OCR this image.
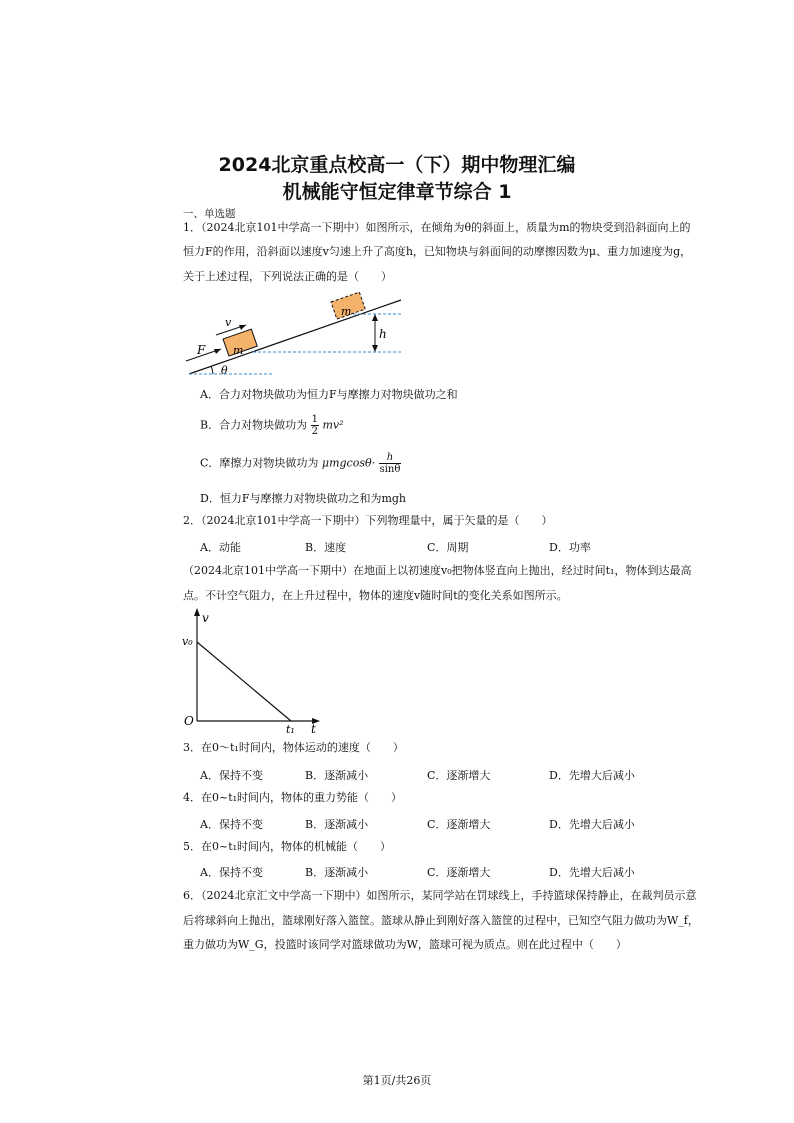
2024北京重点校高一（下）期中物理汇编
机械能守恒定律章节综合 1
一、单选题
1．（2024北京101中学高一下期中）如图所示，在倾角为θ的斜面上，质量为m的物块受到沿斜面向上的
恒力F的作用，沿斜面以速度v匀速上升了高度h，已知物块与斜面间的动摩擦因数为μ、重力加速度为g，
关于上述过程，下列说法正确的是（　　）
m
m
v
F
h
θ
A．合力对物块做功为恒力F与摩擦力对物块做功之和
B．合力对物块做功为 $\frac{1}{2} mv^2$
C．摩擦力对物块做功为 $\mu mgcos\theta\cdot \frac{h}{\sin\theta}$
D．恒力F与摩擦力对物块做功之和为mgh
2．（2024北京101中学高一下期中）下列物理量中，属于矢量的是（　　）
A．动能	B．速度	C．周期	D．功率
（2024北京101中学高一下期中）在地面上以初速度v₀把物体竖直向上抛出，经过时间t₁，物体到达最高
点。不计空气阻力，在上升过程中，物体的速度v随时间t的变化关系如图所示。
v
t
O
v₀
t₁
3．在0～t₁时间内，物体运动的速度（　　）
A．保持不变	B．逐渐减小	C．逐渐增大	D．先增大后减小
4．在0~t₁时间内，物体的重力势能（　　）
A．保持不变	B．逐渐减小	C．逐渐增大	D．先增大后减小
5．在0~t₁时间内，物体的机械能（　　）
A．保持不变	B．逐渐减小	C．逐渐增大	D．先增大后减小
6．（2024北京汇文中学高一下期中）如图所示，某同学站在罚球线上，手持篮球保持静止，在裁判员示意
后将球斜向上抛出，篮球刚好落入篮筐。篮球从静止到刚好落入篮筐的过程中，已知空气阻力做功为W_f，
重力做功为W_G，投篮时该同学对篮球做功为W，篮球可视为质点。则在此过程中（　　）
第1页/共26页
